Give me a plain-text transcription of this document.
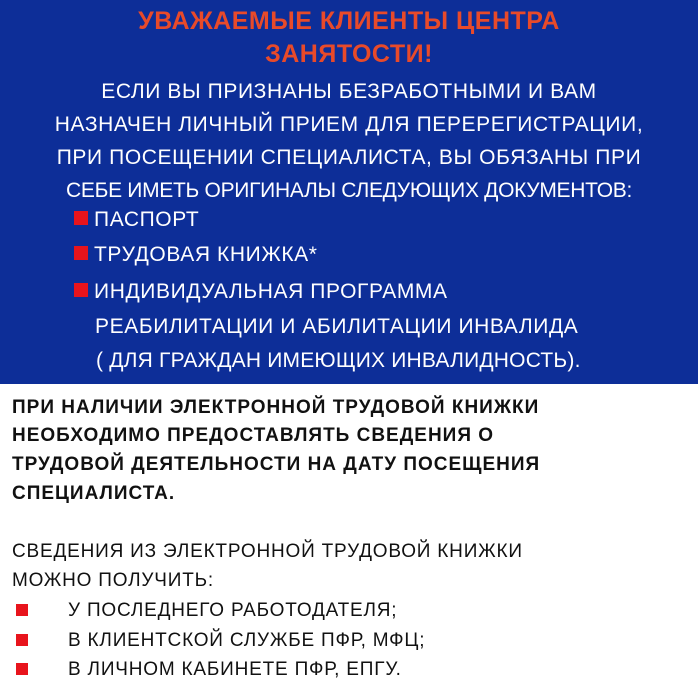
УВАЖАЕМЫЕ КЛИЕНТЫ ЦЕНТРА
ЗАНЯТОСТИ!
ЕСЛИ ВЫ ПРИЗНАНЫ БЕЗРАБОТНЫМИ И ВАМ
НАЗНАЧЕН ЛИЧНЫЙ ПРИЕМ ДЛЯ ПЕРЕРЕГИСТРАЦИИ,
ПРИ ПОСЕЩЕНИИ СПЕЦИАЛИСТА, ВЫ ОБЯЗАНЫ ПРИ
СЕБЕ ИМЕТЬ ОРИГИНАЛЫ СЛЕДУЮЩИХ ДОКУМЕНТОВ:
ПАСПОРТ
ТРУДОВАЯ КНИЖКА*
ИНДИВИДУАЛЬНАЯ ПРОГРАММА
РЕАБИЛИТАЦИИ И АБИЛИТАЦИИ ИНВАЛИДА
( ДЛЯ ГРАЖДАН ИМЕЮЩИХ ИНВАЛИДНОСТЬ).
ПРИ НАЛИЧИИ ЭЛЕКТРОННОЙ ТРУДОВОЙ КНИЖКИ
НЕОБХОДИМО ПРЕДОСТАВЛЯТЬ СВЕДЕНИЯ О
ТРУДОВОЙ ДЕЯТЕЛЬНОСТИ НА ДАТУ ПОСЕЩЕНИЯ
СПЕЦИАЛИСТА.
СВЕДЕНИЯ ИЗ ЭЛЕКТРОННОЙ ТРУДОВОЙ КНИЖКИ
МОЖНО ПОЛУЧИТЬ:
У ПОСЛЕДНЕГО РАБОТОДАТЕЛЯ;
В КЛИЕНТСКОЙ СЛУЖБЕ ПФР, МФЦ;
В ЛИЧНОМ КАБИНЕТЕ ПФР, ЕПГУ.
